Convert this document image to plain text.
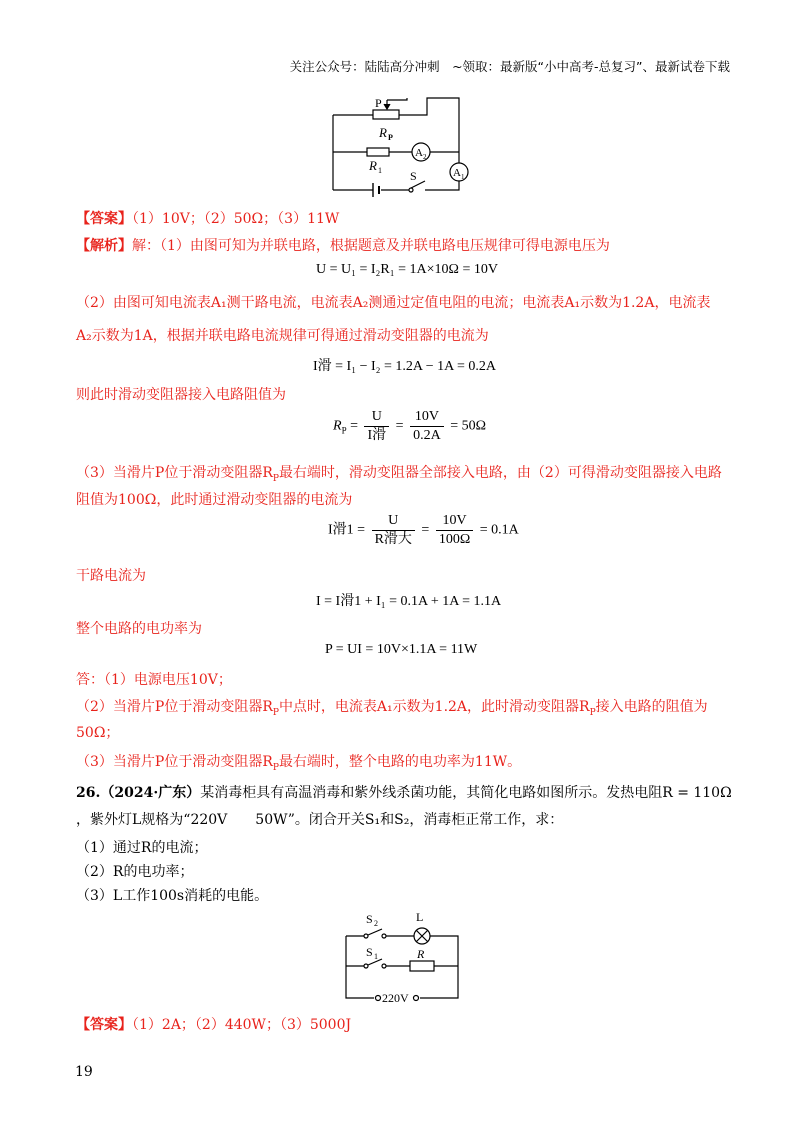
关注公众号：陆陆高分冲刺　~领取：最新版“小中高考-总复习”、最新试卷下载
P
R P
R 1
A 2
A 1
S
【答案】（1）10V；（2）50Ω；（3）11W
【解析】解：（1）由图可知为并联电路，根据题意及并联电路电压规律可得电源电压为
U = U₁ = I₂R₁ = 1A×10Ω = 10V
（2）由图可知电流表A₁测干路电流，电流表A₂测通过定值电阻的电流；电流表A₁示数为1.2A，电流表
A₂示数为1A，根据并联电路电流规律可得通过滑动变阻器的电流为
I滑 = I₁ − I₂ = 1.2A − 1A = 0.2A
则此时滑动变阻器接入电路阻值为
$R_P = \frac{U}{\text{I滑}} = \frac{10V}{0.2A} = 50\Omega$
（3）当滑片P位于滑动变阻器$R_P$最右端时，滑动变阻器全部接入电路，由（2）可得滑动变阻器接入电路
阻值为100Ω，此时通过滑动变阻器的电流为
I滑$1 = \frac{U}{\text{R滑大}} = \frac{10V}{100\Omega} = 0.1A$
干路电流为
I = I滑1 + I₁ = 0.1A + 1A = 1.1A
整个电路的电功率为
P = UI = 10V×1.1A = 11W
答：（1）电源电压10V；
（2）当滑片P位于滑动变阻器$R_P$中点时，电流表A₁示数为1.2A，此时滑动变阻器$R_P$接入电路的阻值为
50Ω；
（3）当滑片P位于滑动变阻器$R_P$最右端时，整个电路的电功率为11W。
26.（2024·广东）某消毒柜具有高温消毒和紫外线杀菌功能，其简化电路如图所示。发热电阻R = 110Ω
，紫外灯L规格为“220V　　50W”。闭合开关S₁和S₂，消毒柜正常工作，求：
（1）通过R的电流；
（2）R的电功率；
（3）L工作100s消耗的电能。
S 2	L
S 1	R
220V
【答案】（1）2A；（2）440W；（3）5000J
19
